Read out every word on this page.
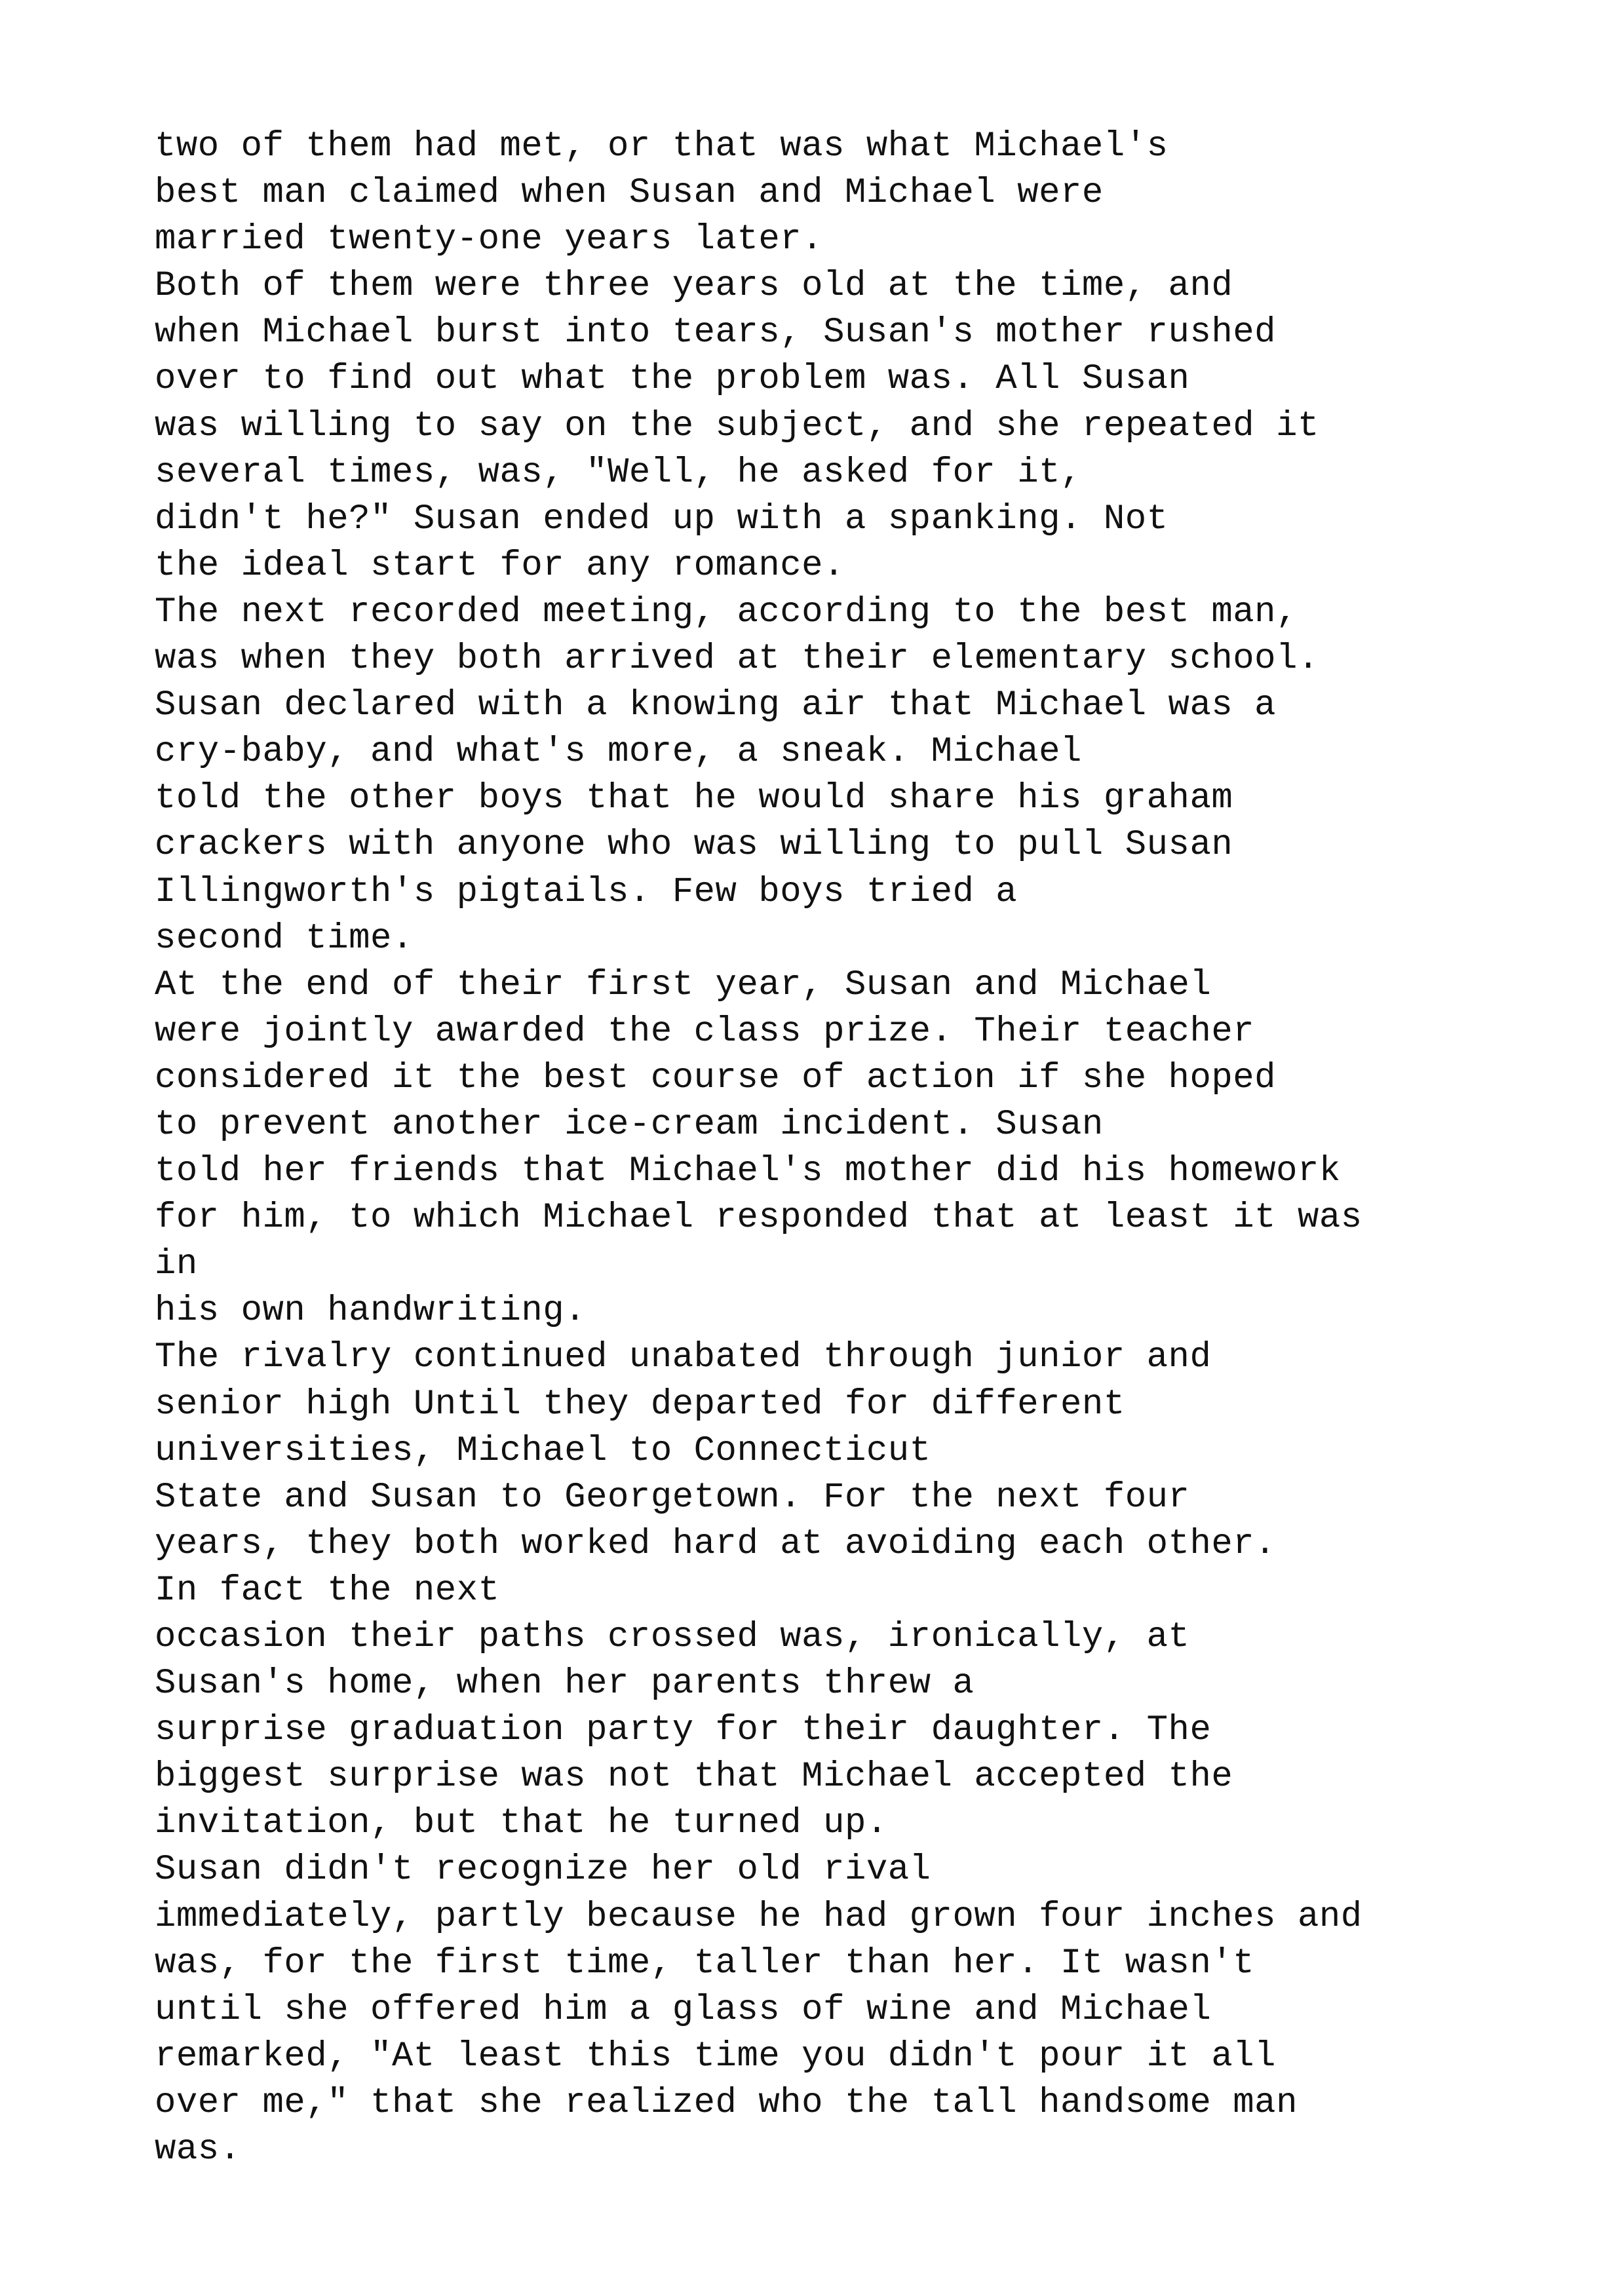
two of them had met, or that was what Michael's
best man claimed when Susan and Michael were
married twenty-one years later.
Both of them were three years old at the time, and
when Michael burst into tears, Susan's mother rushed
over to find out what the problem was. All Susan
was willing to say on the subject, and she repeated it
several times, was, "Well, he asked for it,
didn't he?" Susan ended up with a spanking. Not
the ideal start for any romance.
The next recorded meeting, according to the best man,
was when they both arrived at their elementary school.
Susan declared with a knowing air that Michael was a
cry-baby, and what's more, a sneak. Michael
told the other boys that he would share his graham
crackers with anyone who was willing to pull Susan
Illingworth's pigtails. Few boys tried a
second time.
At the end of their first year, Susan and Michael
were jointly awarded the class prize. Their teacher
considered it the best course of action if she hoped
to prevent another ice-cream incident. Susan
told her friends that Michael's mother did his homework
for him, to which Michael responded that at least it was
in
his own handwriting.
The rivalry continued unabated through junior and
senior high Until they departed for different
universities, Michael to Connecticut
State and Susan to Georgetown. For the next four
years, they both worked hard at avoiding each other.
In fact the next
occasion their paths crossed was, ironically, at
Susan's home, when her parents threw a
surprise graduation party for their daughter. The
biggest surprise was not that Michael accepted the
invitation, but that he turned up.
Susan didn't recognize her old rival
immediately, partly because he had grown four inches and
was, for the first time, taller than her. It wasn't
until she offered him a glass of wine and Michael
remarked, "At least this time you didn't pour it all
over me," that she realized who the tall handsome man
was.
